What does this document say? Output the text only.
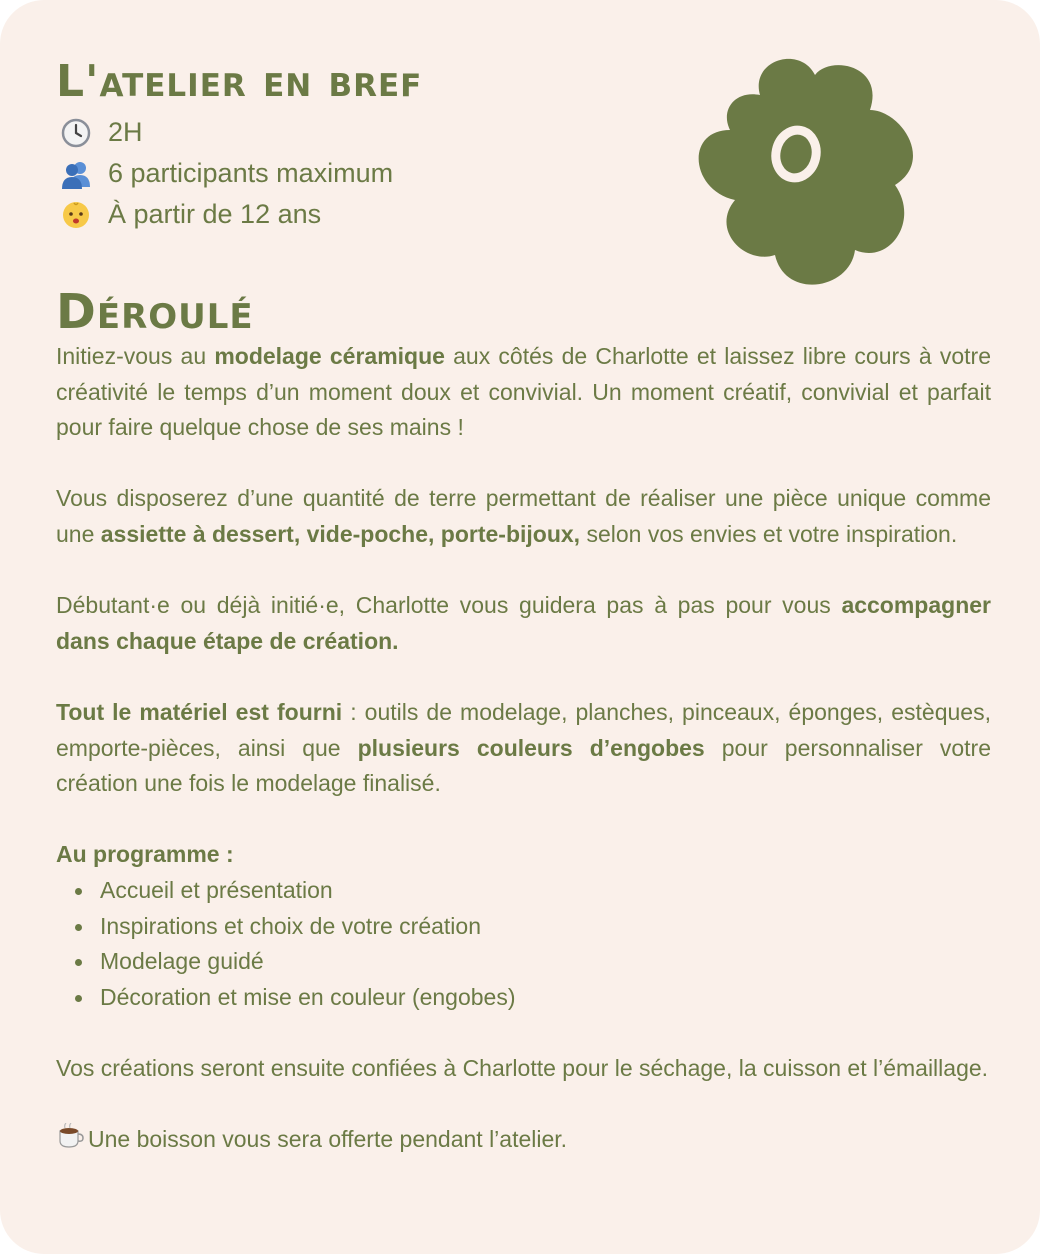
L'atelier en bref
2H
6 participants maximum
À partir de 12 ans
Déroulé

Initiez-vous au modelage céramique aux côtés de Charlotte et laissez libre cours à votre créativité le temps d’un moment doux et convivial. Un moment créatif, convivial et parfait pour faire quelque chose de ses mains !

Vous disposerez d’une quantité de terre permettant de réaliser une pièce unique comme une assiette à dessert, vide-poche, porte-bijoux, selon vos envies et votre inspiration.

Débutant·e ou déjà initié·e, Charlotte vous guidera pas à pas pour vous accompagner dans chaque étape de création.

Tout le matériel est fourni : outils de modelage, planches, pinceaux, éponges, estèques, emporte-pièces, ainsi que plusieurs couleurs d’engobes pour personnaliser votre création une fois le modelage finalisé.

Au programme :
Accueil et présentation
Inspirations et choix de votre création
Modelage guidé
Décoration et mise en couleur (engobes)

Vos créations seront ensuite confiées à Charlotte pour le séchage, la cuisson et l’émaillage.

Une boisson vous sera offerte pendant l’atelier.
